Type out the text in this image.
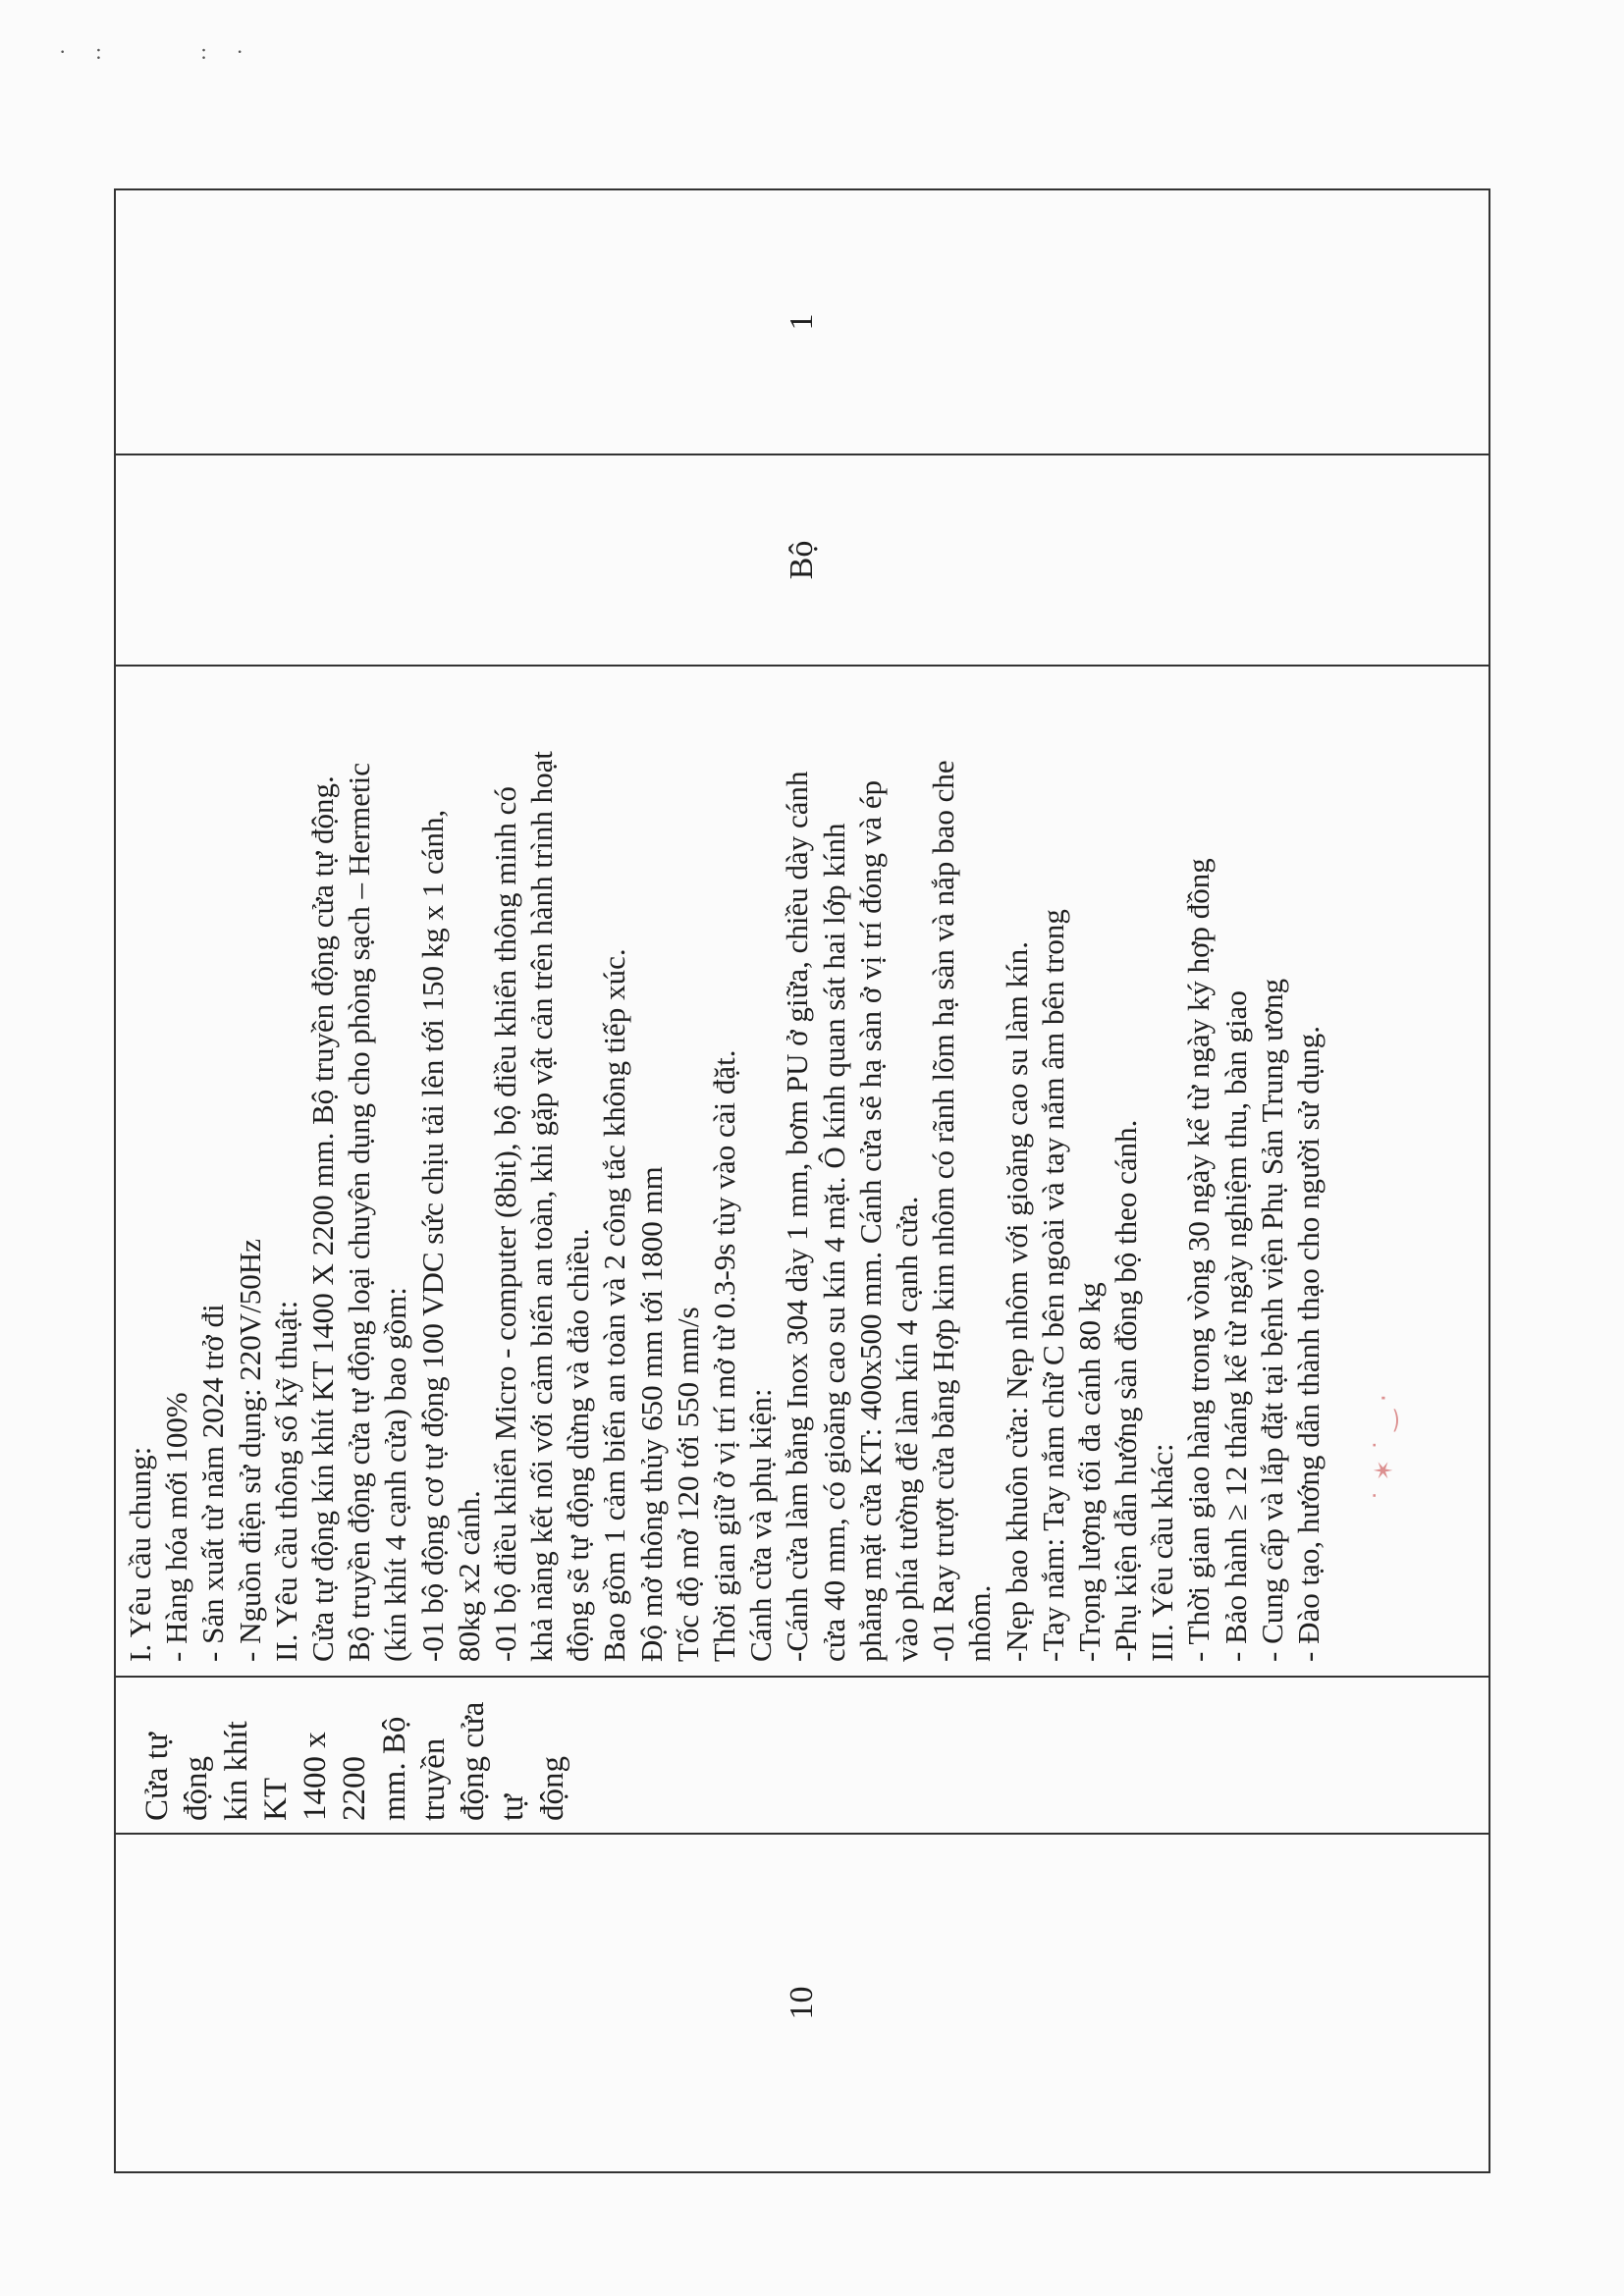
·:  :·
10
Cửa tự động kín khít KT 1400 x 2200 mm. Bộ truyền động cửa tự động
I. Yêu cầu chung: - Hàng hóa mới 100% - Sản xuất từ năm 2024 trở đi - Nguồn điện sử dụng: 220V/50Hz II. Yêu cầu thông số kỹ thuật: Cửa tự động kín khít KT 1400 X 2200 mm. Bộ truyền động cửa tự động. Bộ truyền động cửa tự động loại chuyên dụng cho phòng sạch – Hermetic (kín khít 4 cạnh cửa) bao gồm: -01 bộ động cơ tự động 100 VDC sức chịu tải lên tới 150 kg x 1 cánh, 80kg x2 cánh. -01 bộ điều khiển Micro - computer (8bit), bộ điều khiển thông minh có khả năng kết nối với cảm biến an toàn, khi gặp vật cản trên hành trình hoạt động sẽ tự động dừng và đảo chiều. Bao gồm 1 cảm biến an toàn và 2 công tắc không tiếp xúc. Độ mở thông thủy 650 mm tới 1800 mm Tốc độ mở 120 tới 550 mm/s Thời gian giữ ở vị trí mở từ 0.3-9s tùy vào cài đặt. Cánh cửa và phụ kiện: -Cánh cửa làm bằng Inox 304 dày 1 mm, bơm PU ở giữa, chiều dày cánh cửa 40 mm, có gioăng cao su kín 4 mặt. Ô kính quan sát hai lớp kính phẳng mặt cửa KT: 400x500 mm. Cánh cửa sẽ hạ sàn ở vị trí đóng và ép vào phía tường để làm kín 4 cạnh cửa. -01 Ray trượt cửa bằng Hợp kim nhôm có rãnh lõm hạ sàn và nắp bao che nhôm. -Nẹp bao khuôn cửa: Nẹp nhôm với gioăng cao su làm kín. -Tay nắm: Tay nắm chữ C bên ngoài và tay nắm âm bên trong -Trọng lượng tối đa cánh 80 kg -Phụ kiện dẫn hướng sàn đồng bộ theo cánh. III. Yêu cầu khác: - Thời gian giao hàng trong vòng 30 ngày kể từ ngày ký hợp đồng - Bảo hành ≥ 12 tháng kể từ ngày nghiệm thu, bàn giao - Cung cấp và lắp đặt tại bệnh viện Phụ Sản Trung ương - Đào tạo, hướng dẫn thành thạo cho người sử dụng.
Bộ
1
˙ ✶ ˙ ‿ ·
